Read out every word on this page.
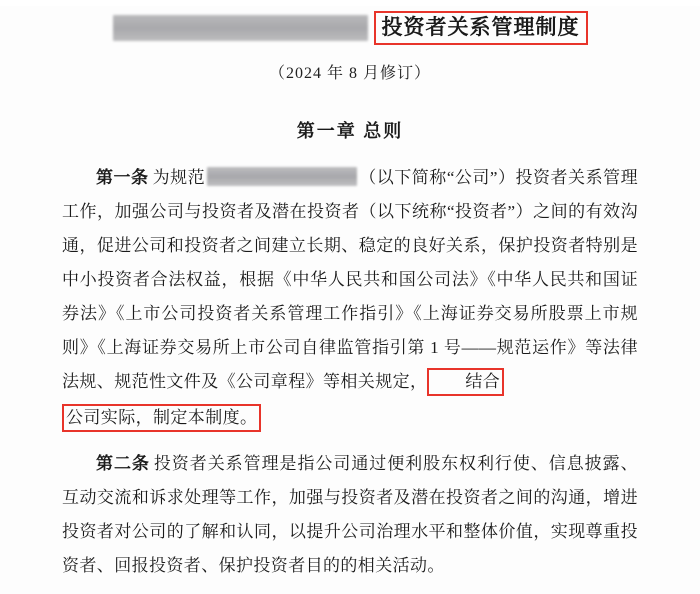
投资者关系管理制度
（2024 年 8 月修订）
第一章 总则

第一条 为规范	（以下简称“公司”）投资者关系管理工作，加强公司与投资者及潜在投资者（以下统称“投资者”）之间的有效沟通，促进公司和投资者之间建立长期、稳定的良好关系，保护投资者特别是中小投资者合法权益，根据《中华人民共和国公司法》《中华人民共和国证券法》《上市公司投资者关系管理工作指引》《上海证券交易所股票上市规则》《上海证券交易所上市公司自律监管指引第 1 号——规范运作》等法律法规、规范性文件及《公司章程》等相关规定， 结合

公司实际，制定本制度。

第二条 投资者关系管理是指公司通过便利股东权利行使、信息披露、互动交流和诉求处理等工作，加强与投资者及潜在投资者之间的沟通，增进投资者对公司的了解和认同，以提升公司治理水平和整体价值，实现尊重投资者、回报投资者、保护投资者目的的相关活动。
